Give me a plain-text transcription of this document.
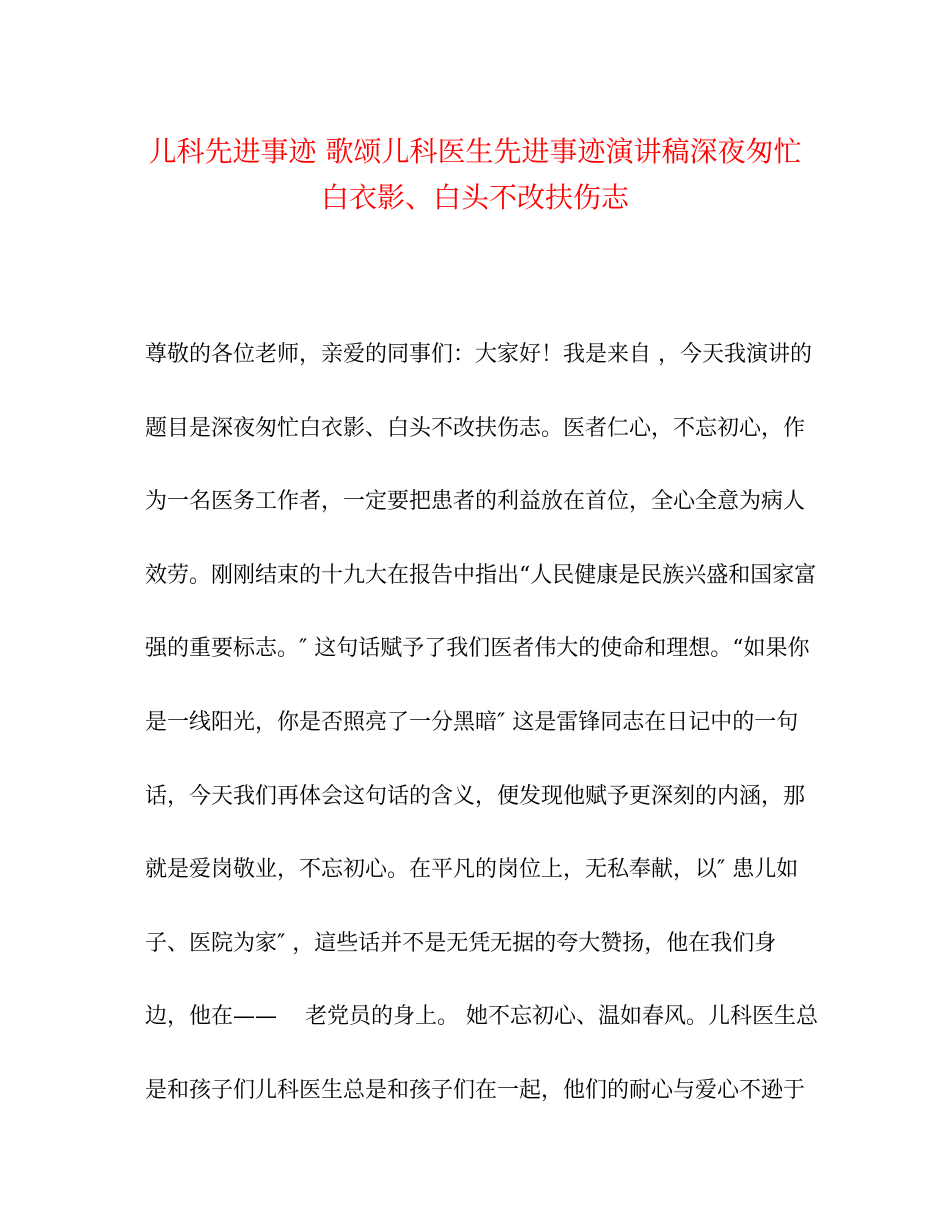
儿科先进事迹 歌颂儿科医生先进事迹演讲稿深夜匆忙
白衣影、白头不改扶伤志
尊敬的各位老师，亲爱的同事们：大家好！我是来自 ，今天我演讲的
题目是深夜匆忙白衣影、白头不改扶伤志。医者仁心，不忘初心，作
为一名医务工作者，一定要把患者的利益放在首位，全心全意为病人
效劳。刚刚结束的十九大在报告中指出“人民健康是民族兴盛和国家富
强的重要标志。″ 这句话赋予了我们医者伟大的使命和理想。“如果你
是一线阳光，你是否照亮了一分黑暗″ 这是雷锋同志在日记中的一句
话，今天我们再体会这句话的含义，便发现他赋予更深刻的内涵，那
就是爱岗敬业，不忘初心。在平凡的岗位上，无私奉献，以″ 患儿如
子、医院为家″ ，這些话并不是无凭无据的夸大赞扬，他在我们身
边，他在——    老党员的身上。 她不忘初心、温如春风。儿科医生总
是和孩子们儿科医生总是和孩子们在一起，他们的耐心与爱心不逊于
